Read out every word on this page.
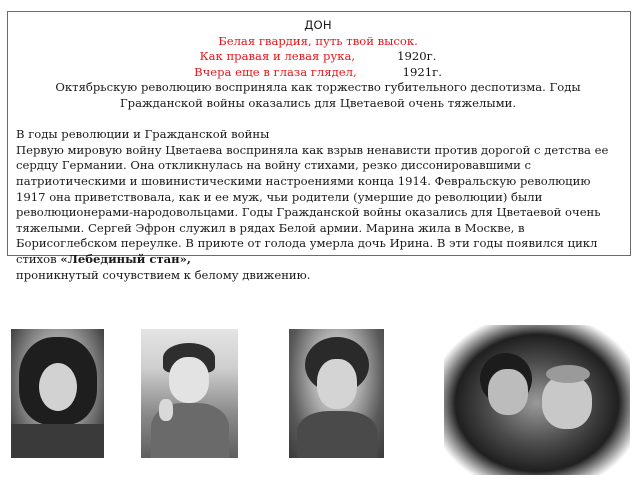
ДОН
Белая гвардия, путь твой высок.
Как правая и левая рука,	1920г.
Вчера еще в глаза глядел,	1921г.
Октябрьскую революцию восприняла как торжество губительного деспотизма. Годы Гражданской войны оказались для Цветаевой очень тяжелыми.
В годы революции и Гражданской войны
Первую мировую войну Цветаева восприняла как взрыв ненависти против дорогой с детства ее сердцу Германии. Она откликнулась на войну стихами, резко диссонировавшими с патриотическими и шовинистическими настроениями конца 1914. Февральскую революцию 1917 она приветствовала, как и ее муж, чьи родители (умершие до революции) были революционерами-народовольцами. Годы Гражданской войны оказались для Цветаевой очень тяжелыми. Сергей Эфрон служил в рядах Белой армии. Марина жила в Москве, в Борисоглебском переулке. В приюте от голода умерла дочь Ирина. В эти годы появился цикл стихов «Лебединый стан»,
проникнутый сочувствием к белому движению.
